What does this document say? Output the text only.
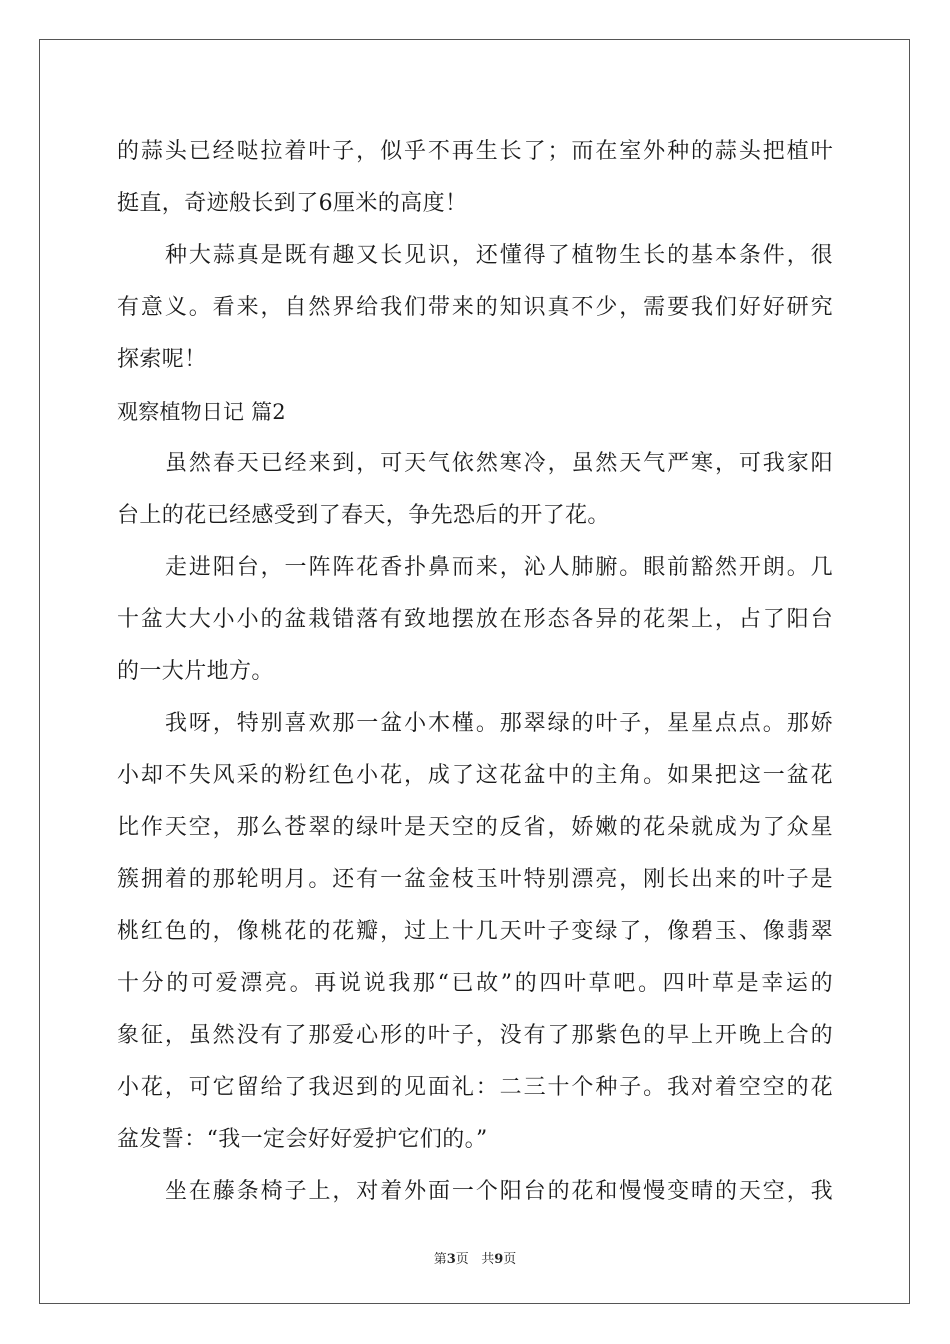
的蒜头已经哒拉着叶子，似乎不再生长了；而在室外种的蒜头把植叶
挺直，奇迹般长到了6厘米的高度！
种大蒜真是既有趣又长见识，还懂得了植物生长的基本条件，很
有意义。看来，自然界给我们带来的知识真不少，需要我们好好研究
探索呢！
观察植物日记 篇2
虽然春天已经来到，可天气依然寒冷，虽然天气严寒，可我家阳
台上的花已经感受到了春天，争先恐后的开了花。
走进阳台，一阵阵花香扑鼻而来，沁人肺腑。眼前豁然开朗。几
十盆大大小小的盆栽错落有致地摆放在形态各异的花架上，占了阳台
的一大片地方。
我呀，特别喜欢那一盆小木槿。那翠绿的叶子，星星点点。那娇
小却不失风采的粉红色小花，成了这花盆中的主角。如果把这一盆花
比作天空，那么苍翠的绿叶是天空的反省，娇嫩的花朵就成为了众星
簇拥着的那轮明月。还有一盆金枝玉叶特别漂亮，刚长出来的叶子是
桃红色的，像桃花的花瓣，过上十几天叶子变绿了，像碧玉、像翡翠
十分的可爱漂亮。再说说我那“已故”的四叶草吧。四叶草是幸运的
象征，虽然没有了那爱心形的叶子，没有了那紫色的早上开晚上合的
小花，可它留给了我迟到的见面礼：二三十个种子。我对着空空的花
盆发誓：“我一定会好好爱护它们的。”
坐在藤条椅子上，对着外面一个阳台的花和慢慢变晴的天空，我
第3页 共9页
